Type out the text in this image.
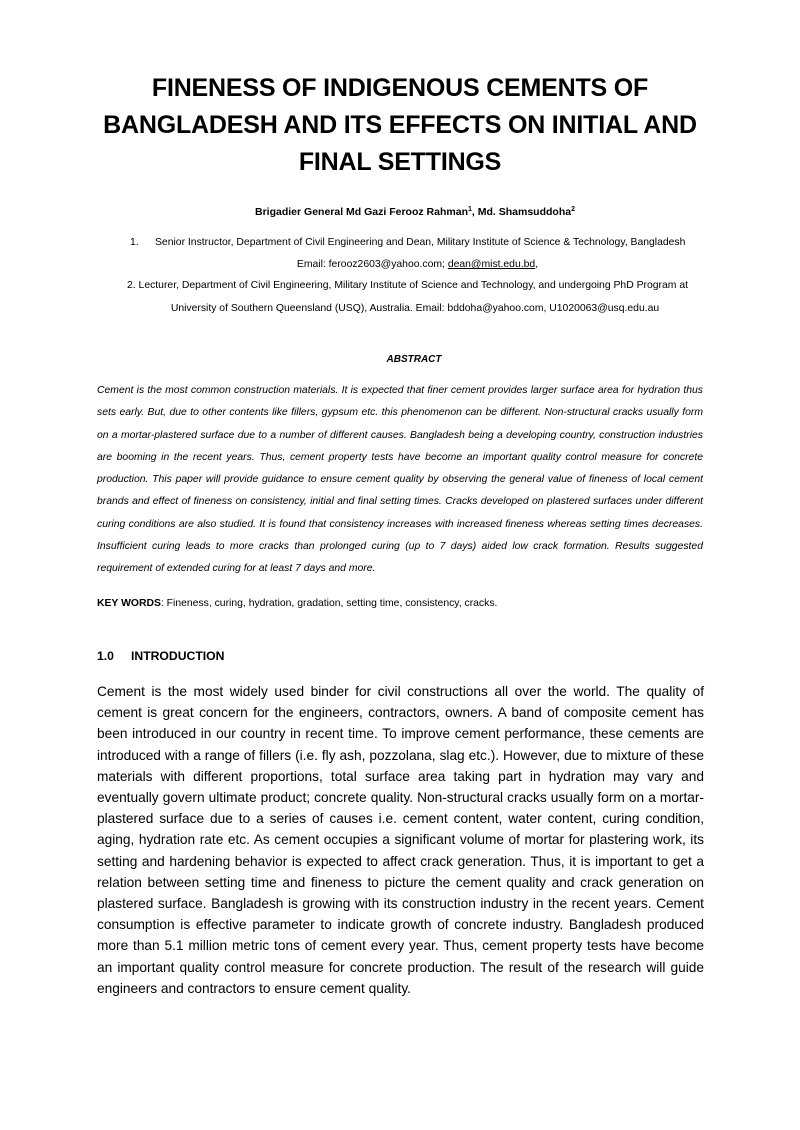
FINENESS OF INDIGENOUS CEMENTS OF BANGLADESH AND ITS EFFECTS ON INITIAL AND FINAL SETTINGS
Brigadier General Md Gazi Ferooz Rahman$^1$, Md. Shamsuddoha$^2$
1. Senior Instructor, Department of Civil Engineering and Dean, Military Institute of Science & Technology, Bangladesh
Email: ferooz2603@yahoo.com; dean@mist.edu.bd,
2. Lecturer, Department of Civil Engineering, Military Institute of Science and Technology, and undergoing PhD Program at
University of Southern Queensland (USQ), Australia. Email: bddoha@yahoo.com, U1020063@usq.edu.au
ABSTRACT
Cement is the most common construction materials. It is expected that finer cement provides larger surface area for hydration thus sets early. But, due to other contents like fillers, gypsum etc. this phenomenon can be different. Non-structural cracks usually form on a mortar-plastered surface due to a number of different causes. Bangladesh being a developing country, construction industries are booming in the recent years. Thus, cement property tests have become an important quality control measure for concrete production. This paper will provide guidance to ensure cement quality by observing the general value of fineness of local cement brands and effect of fineness on consistency, initial and final setting times. Cracks developed on plastered surfaces under different curing conditions are also studied. It is found that consistency increases with increased fineness whereas setting times decreases. Insufficient curing leads to more cracks than prolonged curing (up to 7 days) aided low crack formation. Results suggested requirement of extended curing for at least 7 days and more.
KEY WORDS: Fineness, curing, hydration, gradation, setting time, consistency, cracks.
1.0 INTRODUCTION
Cement is the most widely used binder for civil constructions all over the world. The quality of cement is great concern for the engineers, contractors, owners. A band of composite cement has been introduced in our country in recent time. To improve cement performance, these cements are introduced with a range of fillers (i.e. fly ash, pozzolana, slag etc.). However, due to mixture of these materials with different proportions, total surface area taking part in hydration may vary and eventually govern ultimate product; concrete quality. Non-structural cracks usually form on a mortar-plastered surface due to a series of causes i.e. cement content, water content, curing condition, aging, hydration rate etc. As cement occupies a significant volume of mortar for plastering work, its setting and hardening behavior is expected to affect crack generation. Thus, it is important to get a relation between setting time and fineness to picture the cement quality and crack generation on plastered surface. Bangladesh is growing with its construction industry in the recent years. Cement consumption is effective parameter to indicate growth of concrete industry. Bangladesh produced more than 5.1 million metric tons of cement every year. Thus, cement property tests have become an important quality control measure for concrete production. The result of the research will guide engineers and contractors to ensure cement quality.
